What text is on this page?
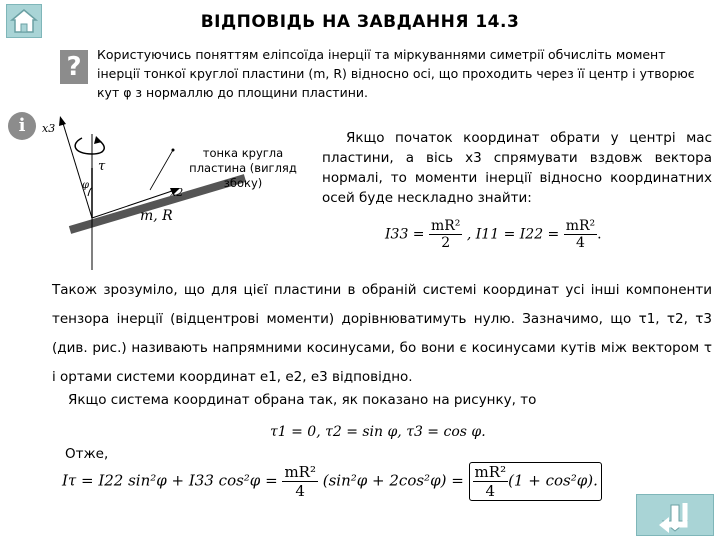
ВІДПОВІДЬ НА ЗАВДАННЯ 14.3
?	Користуючись поняттям еліпсоїда інерції та міркуваннями симетрії обчисліть момент інерції тонкої круглої пластини (m, R) відносно осі, що проходить через її центр і утворює кут φ з нормаллю до площини пластини.
i	x3
x2
τ
φ
тонка кругла пластина (вигляд збоку)
m, R
Якщо початок координат обрати у центрі мас пластини, а вісь x3 спрямувати вздовж вектора нормалі, то моменти інерції відносно координатних осей буде нескладно знайти:
$I33 = \frac{\text{mR²}}{2}$ , $I11 = I22 = \frac{\text{mR²}}{4}$ .
Також зрозуміло, що для цієї пластини в обраній системі координат усі інші компоненти тензора інерції (відцентрові моменти) дорівнюватимуть нулю. Зазначимо, що τ1, τ2, τ3 (див. рис.) називають напрямними косинусами, бо вони є косинусами кутів між вектором τ і ортами системи координат e1, e2, e3 відповідно.
Якщо система координат обрана так, як показано на рисунку, то
τ1 = 0, τ2 = sin φ, τ3 = cos φ.
Отже,
Iτ = I22 sin²φ + I33 $\cos^2\varphi = \frac{\text{mR²}}{4} (\sin^2\varphi + 2\cos^2\varphi) = \frac{\text{mR²}}{4} (1 + \cos^2\varphi)$.
